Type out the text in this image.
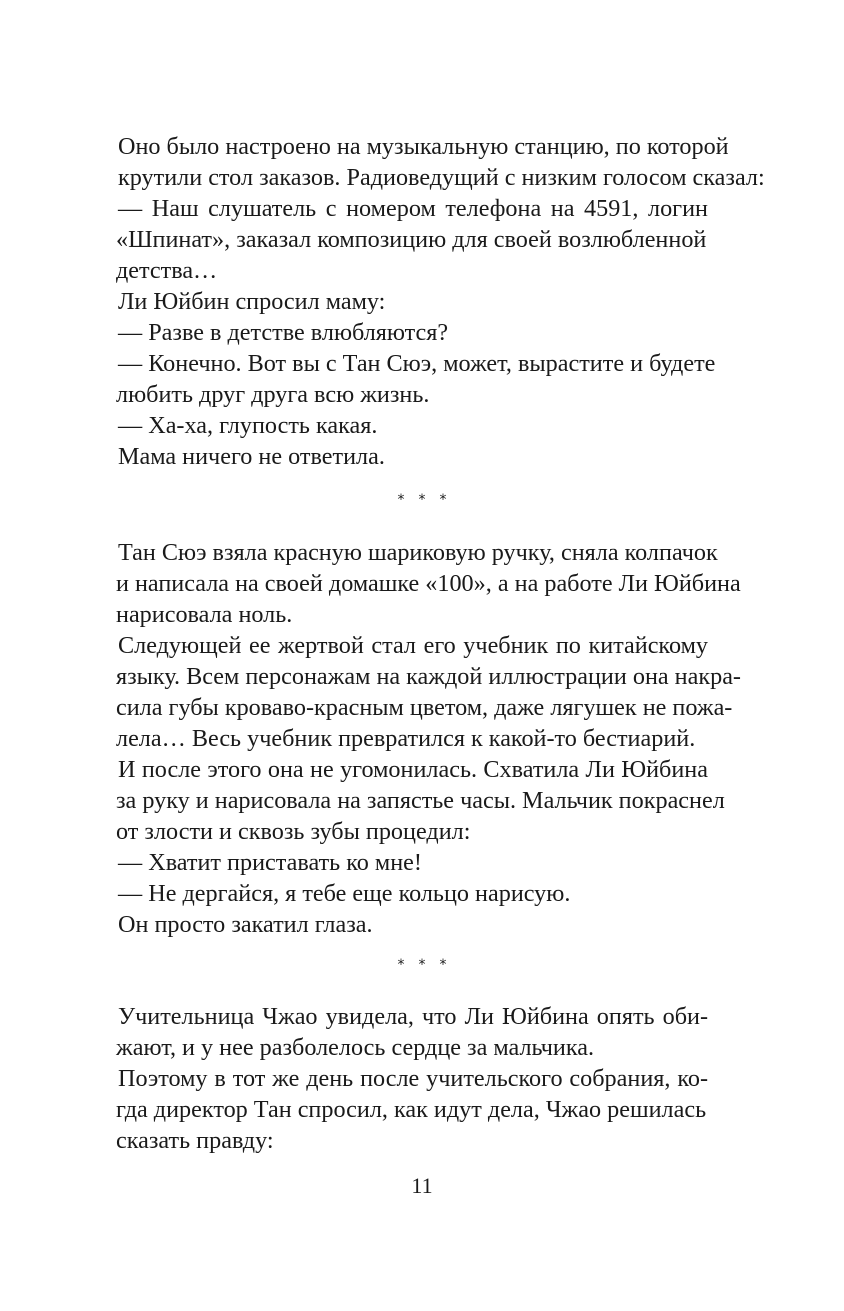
Оно было настроено на музыкальную станцию, по которой
крутили стол заказов. Радиоведущий с низким голосом сказал:
— Наш слушатель с номером телефона на 4591, логин
«Шпинат», заказал композицию для своей возлюбленной
детства…
Ли Юйбин спросил маму:
— Разве в детстве влюбляются?
— Конечно. Вот вы с Тан Сюэ, может, вырастите и будете
любить друг друга всю жизнь.
— Ха-ха, глупость какая.
Мама ничего не ответила.
* * *
Тан Сюэ взяла красную шариковую ручку, сняла колпачок
и написала на своей домашке «100», а на работе Ли Юйбина
нарисовала ноль.
Следующей ее жертвой стал его учебник по китайскому
языку. Всем персонажам на каждой иллюстрации она накра-
сила губы кроваво-красным цветом, даже лягушек не пожа-
лела… Весь учебник превратился к какой-то бестиарий.
И после этого она не угомонилась. Схватила Ли Юйбина
за руку и нарисовала на запястье часы. Мальчик покраснел
от злости и сквозь зубы процедил:
— Хватит приставать ко мне!
— Не дергайся, я тебе еще кольцо нарисую.
Он просто закатил глаза.
* * *
Учительница Чжао увидела, что Ли Юйбина опять оби-
жают, и у нее разболелось сердце за мальчика.
Поэтому в тот же день после учительского собрания, ко-
гда директор Тан спросил, как идут дела, Чжао решилась
сказать правду:
11
